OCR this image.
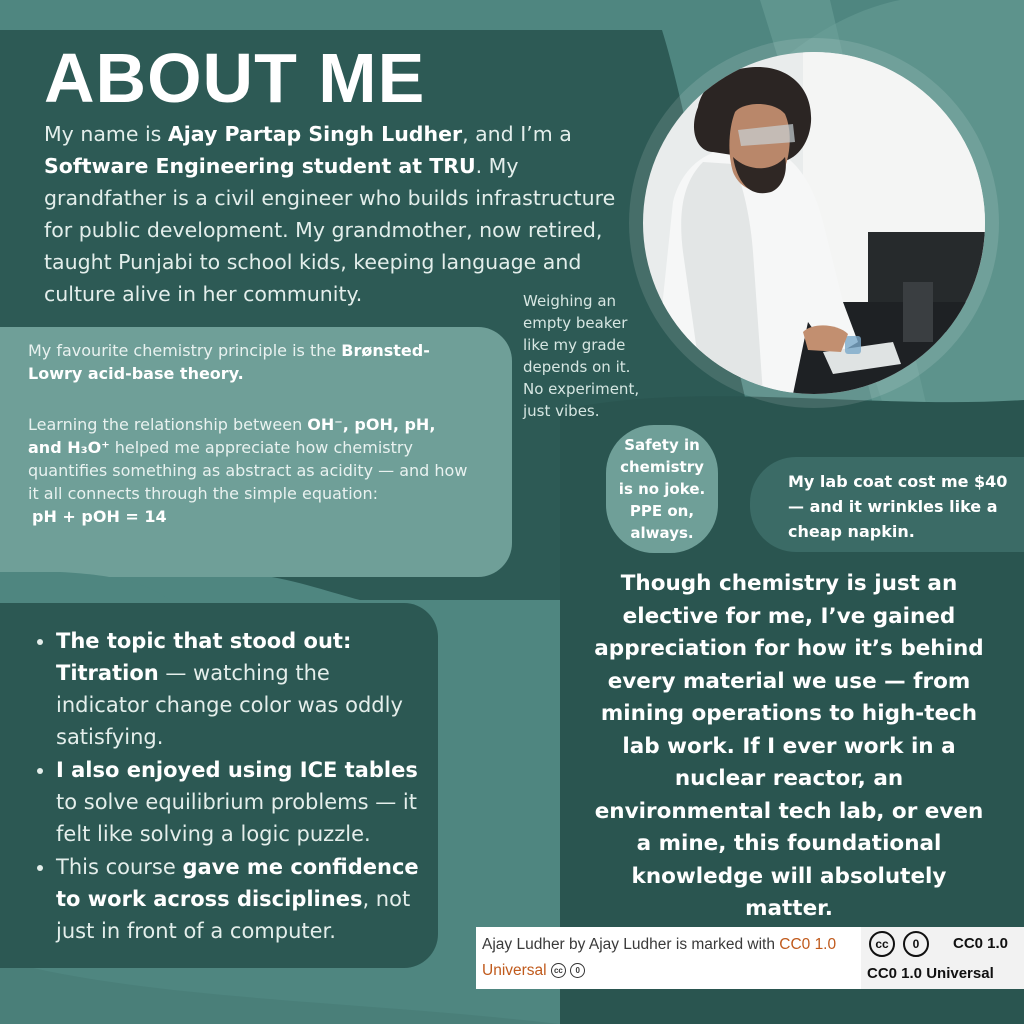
ABOUT ME

My name is Ajay Partap Singh Ludher, and I’m a Software Engineering student at TRU. My grandfather is a civil engineer who builds infrastructure for public development. My grandmother, now retired, taught Punjabi to school kids, keeping language and culture alive in her community.	Weighing an empty beaker like my grade depends on it. No experiment, just vibes.

My favourite chemistry principle is the Brønsted-Lowry acid-base theory.

Learning the relationship between OH⁻, pOH, pH, and H₃O⁺ helped me appreciate how chemistry quantifies something as abstract as acidity — and how it all connects through the simple equation:

pH + pOH = 14

Safety in chemistry is no joke. PPE on, always.
My lab coat cost me $40 — and it wrinkles like a cheap napkin.
• The topic that stood out: Titration — watching the indicator change color was oddly satisfying.
• I also enjoyed using ICE tables to solve equilibrium problems — it felt like solving a logic puzzle.
• This course gave me confidence to work across disciplines, not just in front of a computer.

Though chemistry is just an elective for me, I’ve gained appreciation for how it’s behind every material we use — from mining operations to high-tech lab work. If I ever work in a nuclear reactor, an environmental tech lab, or even a mine, this foundational knowledge will absolutely matter.

Ajay Ludher by Ajay Ludher is marked with CC0 1.0 Universal cc 0
cc	0	CC0 1.0
CC0 1.0 Universal
